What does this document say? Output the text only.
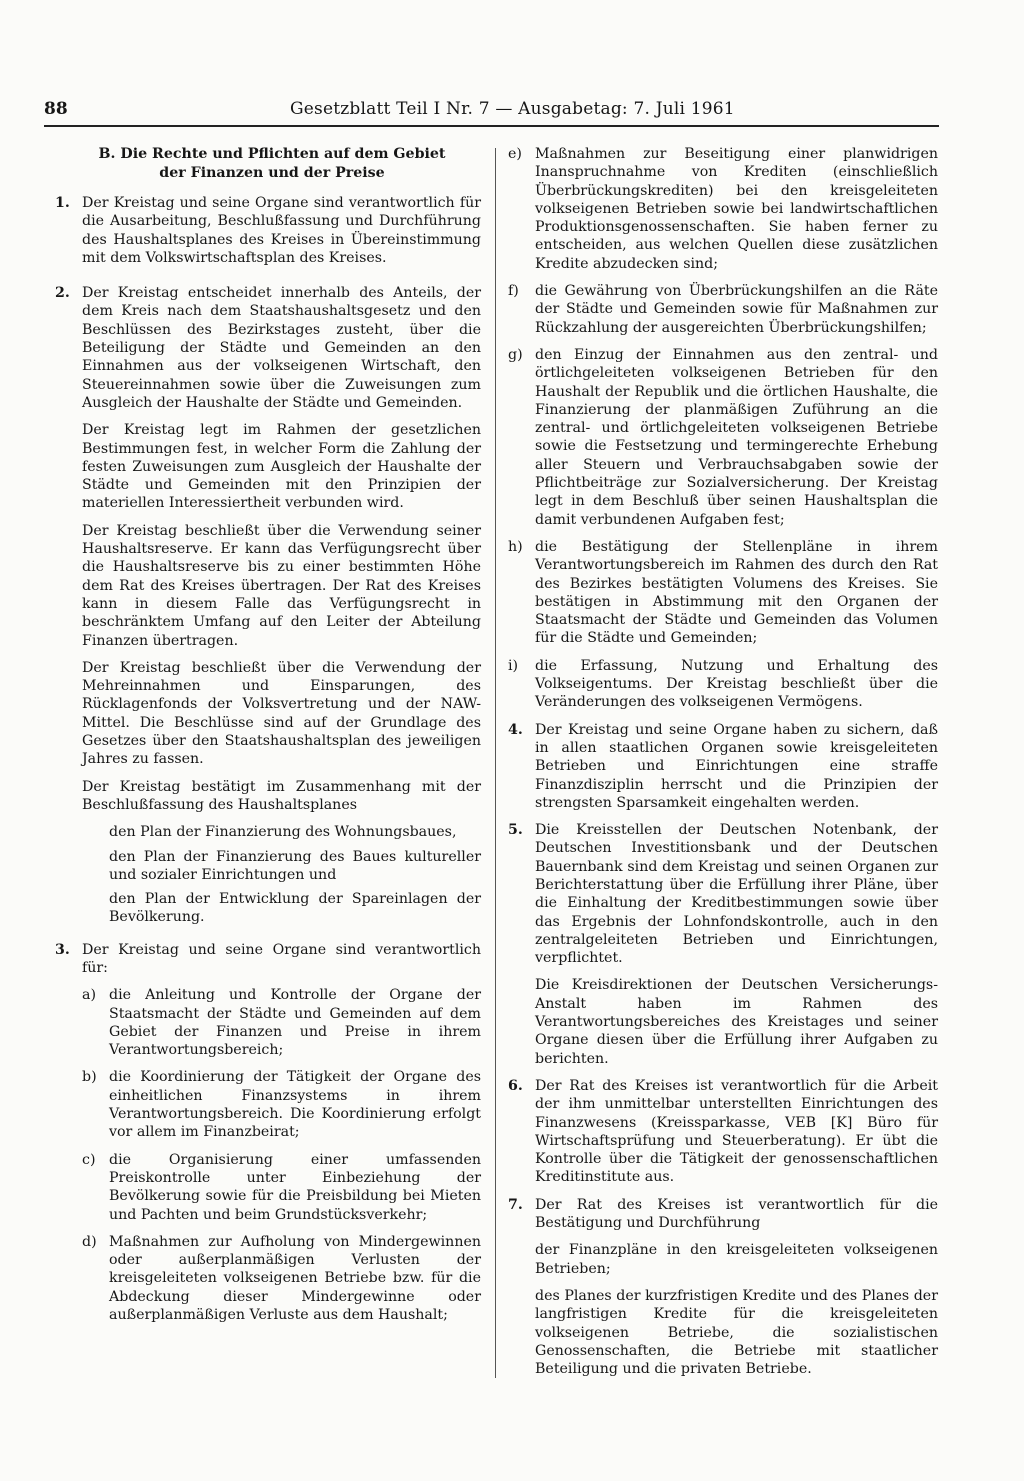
88	Gesetzblatt Teil I Nr. 7 — Ausgabetag: 7. Juli 1961
B. Die Rechte und Pflichten auf dem Gebiet
der Finanzen und der Preise
1. Der Kreistag und seine Organe sind verantwortlich für die Ausarbeitung, Beschlußfassung und Durchführung des Haushaltsplanes des Kreises in Übereinstimmung mit dem Volkswirtschaftsplan des Kreises.
2. Der Kreistag entscheidet innerhalb des Anteils, der dem Kreis nach dem Staatshaushaltsgesetz und den Beschlüssen des Bezirkstages zusteht, über die Beteiligung der Städte und Gemeinden an den Einnahmen aus der volkseigenen Wirtschaft, den Steuereinnahmen sowie über die Zuweisungen zum Ausgleich der Haushalte der Städte und Gemeinden.

Der Kreistag legt im Rahmen der gesetzlichen Bestimmungen fest, in welcher Form die Zahlung der festen Zuweisungen zum Ausgleich der Haushalte der Städte und Gemeinden mit den Prinzipien der materiellen Interessiertheit verbunden wird.

Der Kreistag beschließt über die Verwendung seiner Haushaltsreserve. Er kann das Verfügungsrecht über die Haushaltsreserve bis zu einer bestimmten Höhe dem Rat des Kreises übertragen. Der Rat des Kreises kann in diesem Falle das Verfügungsrecht in beschränktem Umfang auf den Leiter der Abteilung Finanzen übertragen.

Der Kreistag beschließt über die Verwendung der Mehreinnahmen und Einsparungen, des Rücklagenfonds der Volksvertretung und der NAW-Mittel. Die Beschlüsse sind auf der Grundlage des Gesetzes über den Staatshaushaltsplan des jeweiligen Jahres zu fassen.

Der Kreistag bestätigt im Zusammenhang mit der Beschlußfassung des Haushaltsplanes

den Plan der Finanzierung des Wohnungsbaues,

den Plan der Finanzierung des Baues kultureller und sozialer Einrichtungen und

den Plan der Entwicklung der Spareinlagen der Bevölkerung.

3. Der Kreistag und seine Organe sind verantwortlich für:
a) die Anleitung und Kontrolle der Organe der Staatsmacht der Städte und Gemeinden auf dem Gebiet der Finanzen und Preise in ihrem Verantwortungsbereich;
b) die Koordinierung der Tätigkeit der Organe des einheitlichen Finanzsystems in ihrem Verantwortungsbereich. Die Koordinierung erfolgt vor allem im Finanzbeirat;
c) die Organisierung einer umfassenden Preiskontrolle unter Einbeziehung der Bevölkerung sowie für die Preisbildung bei Mieten und Pachten und beim Grundstücksverkehr;
d) Maßnahmen zur Aufholung von Mindergewinnen oder außerplanmäßigen Verlusten der kreisgeleiteten volkseigenen Betriebe bzw. für die Abdeckung dieser Mindergewinne oder außerplanmäßigen Verluste aus dem Haushalt;
e) Maßnahmen zur Beseitigung einer planwidrigen Inanspruchnahme von Krediten (einschließlich Überbrückungskrediten) bei den kreisgeleiteten volkseigenen Betrieben sowie bei landwirtschaftlichen Produktionsgenossenschaften. Sie haben ferner zu entscheiden, aus welchen Quellen diese zusätzlichen Kredite abzudecken sind;
f)	die Gewährung von Überbrückungshilfen an die Räte der Städte und Gemeinden sowie für Maßnahmen zur Rückzahlung der ausgereichten Überbrückungshilfen;
g) den Einzug der Einnahmen aus den zentral- und örtlichgeleiteten volkseigenen Betrieben für den Haushalt der Republik und die örtlichen Haushalte, die Finanzierung der planmäßigen Zuführung an die zentral- und örtlichgeleiteten volkseigenen Betriebe sowie die Festsetzung und termingerechte Erhebung aller Steuern und Verbrauchsabgaben sowie der Pflichtbeiträge zur Sozialversicherung. Der Kreistag legt in dem Beschluß über seinen Haushaltsplan die damit verbundenen Aufgaben fest;
h) die Bestätigung der Stellenpläne in ihrem Verantwortungsbereich im Rahmen des durch den Rat des Bezirkes bestätigten Volumens des Kreises. Sie bestätigen in Abstimmung mit den Organen der Staatsmacht der Städte und Gemeinden das Volumen für die Städte und Gemeinden;
i)	die Erfassung, Nutzung und Erhaltung des Volkseigentums. Der Kreistag beschließt über die Veränderungen des volkseigenen Vermögens.
4. Der Kreistag und seine Organe haben zu sichern, daß in allen staatlichen Organen sowie kreisgeleiteten Betrieben und Einrichtungen eine straffe Finanzdisziplin herrscht und die Prinzipien der strengsten Sparsamkeit eingehalten werden.
5. Die Kreisstellen der Deutschen Notenbank, der Deutschen Investitionsbank und der Deutschen Bauernbank sind dem Kreistag und seinen Organen zur Berichterstattung über die Erfüllung ihrer Pläne, über die Einhaltung der Kreditbestimmungen sowie über das Ergebnis der Lohnfondskontrolle, auch in den zentralgeleiteten Betrieben und Einrichtungen, verpflichtet.

Die Kreisdirektionen der Deutschen Versicherungs-Anstalt haben im Rahmen des Verantwortungsbereiches des Kreistages und seiner Organe diesen über die Erfüllung ihrer Aufgaben zu berichten.

6. Der Rat des Kreises ist verantwortlich für die Arbeit der ihm unmittelbar unterstellten Einrichtungen des Finanzwesens (Kreissparkasse, VEB [K] Büro für Wirtschaftsprüfung und Steuerberatung). Er übt die Kontrolle über die Tätigkeit der genossenschaftlichen Kreditinstitute aus.
7. Der Rat des Kreises ist verantwortlich für die Bestätigung und Durchführung

der Finanzpläne in den kreisgeleiteten volkseigenen Betrieben;

des Planes der kurzfristigen Kredite und des Planes der langfristigen Kredite für die kreisgeleiteten volkseigenen Betriebe, die sozialistischen Genossenschaften, die Betriebe mit staatlicher Beteiligung und die privaten Betriebe.
